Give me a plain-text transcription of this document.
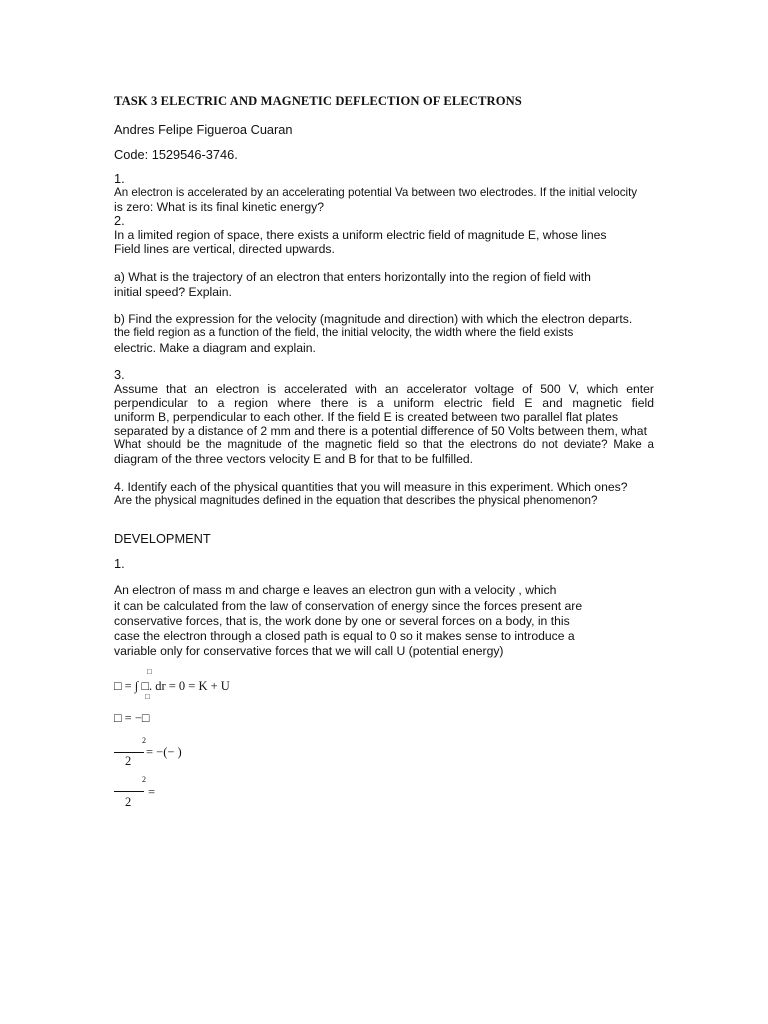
TASK 3 ELECTRIC AND MAGNETIC DEFLECTION OF ELECTRONS
Andres Felipe Figueroa Cuaran
Code: 1529546-3746.
1.
An electron is accelerated by an accelerating potential Va between two electrodes. If the initial velocity
is zero: What is its final kinetic energy?
2.
In a limited region of space, there exists a uniform electric field of magnitude E, whose lines
Field lines are vertical, directed upwards.
a) What is the trajectory of an electron that enters horizontally into the region of field with
initial speed? Explain.
b) Find the expression for the velocity (magnitude and direction) with which the electron departs.
the field region as a function of the field, the initial velocity, the width where the field exists
electric. Make a diagram and explain.
3.
Assume that an electron is accelerated with an accelerator voltage of 500 V, which enter
perpendicular to a region where there is a uniform electric field E and magnetic field
uniform B, perpendicular to each other. If the field E is created between two parallel flat plates
separated by a distance of 2 mm and there is a potential difference of 50 Volts between them, what
What should be the magnitude of the magnetic field so that the electrons do not deviate? Make a
diagram of the three vectors velocity E and B for that to be fulfilled.
4. Identify each of the physical quantities that you will measure in this experiment. Which ones?
Are the physical magnitudes defined in the equation that describes the physical phenomenon?
DEVELOPMENT
1.
An electron of mass m and charge e leaves an electron gun with a velocity , which
it can be calculated from the law of conservation of energy since the forces present are
conservative forces, that is, the work done by one or several forces on a body, in this
case the electron through a closed path is equal to 0 so it makes sense to introduce a
variable only for conservative forces that we will call U (potential energy)
□
□ = ∫ □. dr = 0 = K + U
□
□ = −□
2
= −(− )
2
2
=
2
